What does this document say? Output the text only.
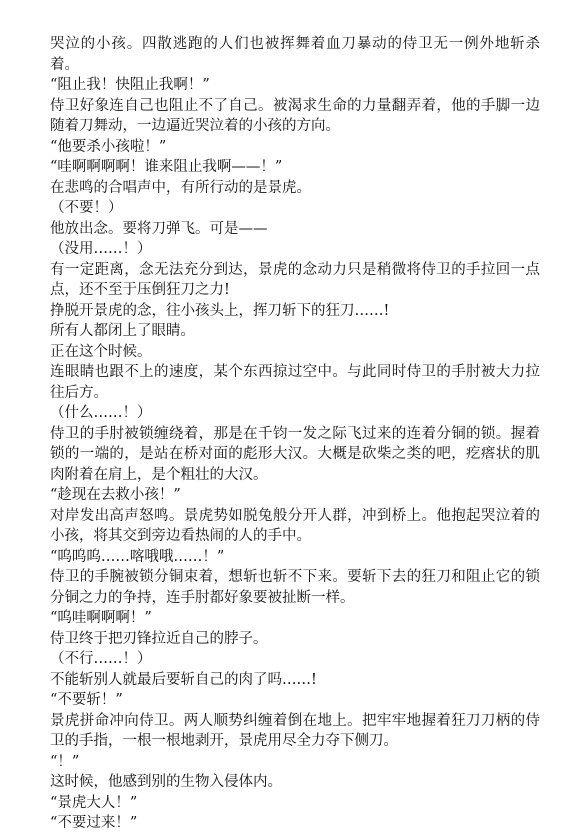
哭泣的小孩。四散逃跑的人们也被挥舞着血刀暴动的侍卫无一例外地斩杀着。

“阻止我！快阻止我啊！”

侍卫好象连自己也阻止不了自己。被渴求生命的力量翻弄着，他的手脚一边随着刀舞动，一边逼近哭泣着的小孩的方向。

“他要杀小孩啦！”

“哇啊啊啊啊！谁来阻止我啊——！”

在悲鸣的合唱声中，有所行动的是景虎。

（不要！）

他放出念。要将刀弹飞。可是——

（没用……！）

有一定距离，念无法充分到达，景虎的念动力只是稍微将侍卫的手拉回一点点，还不至于压倒狂刀之力!

挣脱开景虎的念，往小孩头上，挥刀斩下的狂刀……!

所有人都闭上了眼睛。

正在这个时候。

连眼睛也跟不上的速度，某个东西掠过空中。与此同时侍卫的手肘被大力拉往后方。

（什么……！）

侍卫的手肘被锁缠绕着，那是在千钧一发之际飞过来的连着分铜的锁。握着锁的一端的，是站在桥对面的彪形大汉。大概是砍柴之类的吧，疙瘩状的肌肉附着在肩上，是个粗壮的大汉。

“趁现在去救小孩！”

对岸发出高声怒鸣。景虎势如脱兔般分开人群，冲到桥上。他抱起哭泣着的小孩，将其交到旁边看热闹的人的手中。

“呜呜呜……喀哦哦……！”

侍卫的手腕被锁分铜束着，想斩也斩不下来。要斩下去的狂刀和阻止它的锁分铜之力的争持，连手肘都好象要被扯断一样。

“呜哇啊啊啊！”

侍卫终于把刃锋拉近自己的脖子。

（不行……！）

不能斩别人就最后要斩自己的肉了吗……!

“不要斩！”

景虎拼命冲向侍卫。两人顺势纠缠着倒在地上。把牢牢地握着狂刀刀柄的侍卫的手指，一根一根地剥开，景虎用尽全力夺下侧刀。

“！”

这时候，他感到别的生物入侵体内。

“景虎大人！”

“不要过来！”
